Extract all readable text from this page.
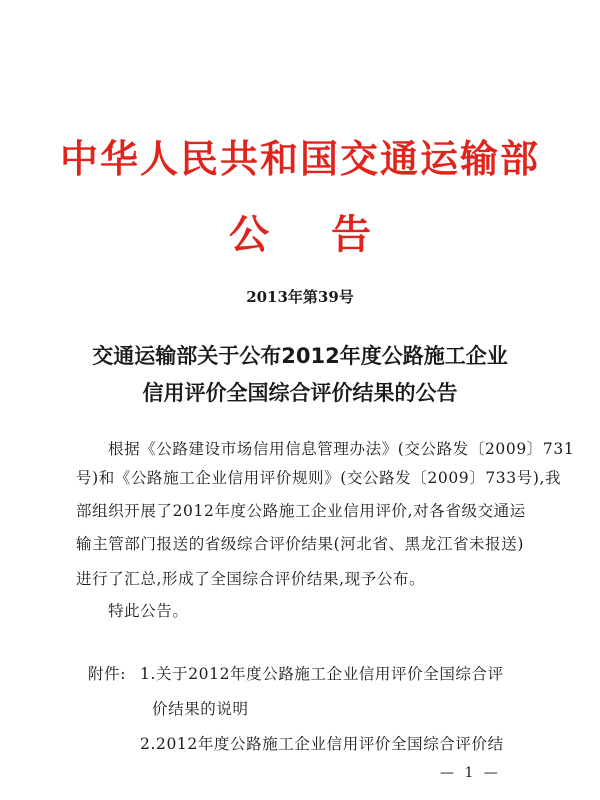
中华人民共和国交通运输部
公告
2013年第39号
交通运输部关于公布2012年度公路施工企业
信用评价全国综合评价结果的公告
根据《公路建设市场信用信息管理办法》(交公路发〔2009〕731
号)和《公路施工企业信用评价规则》(交公路发〔2009〕733号),我
部组织开展了2012年度公路施工企业信用评价,对各省级交通运
输主管部门报送的省级综合评价结果(河北省、黑龙江省未报送)
进行了汇总,形成了全国综合评价结果,现予公布。
特此公告。
附件: 1.关于2012年度公路施工企业信用评价全国综合评
价结果的说明
2.2012年度公路施工企业信用评价全国综合评价结
— 1 —
